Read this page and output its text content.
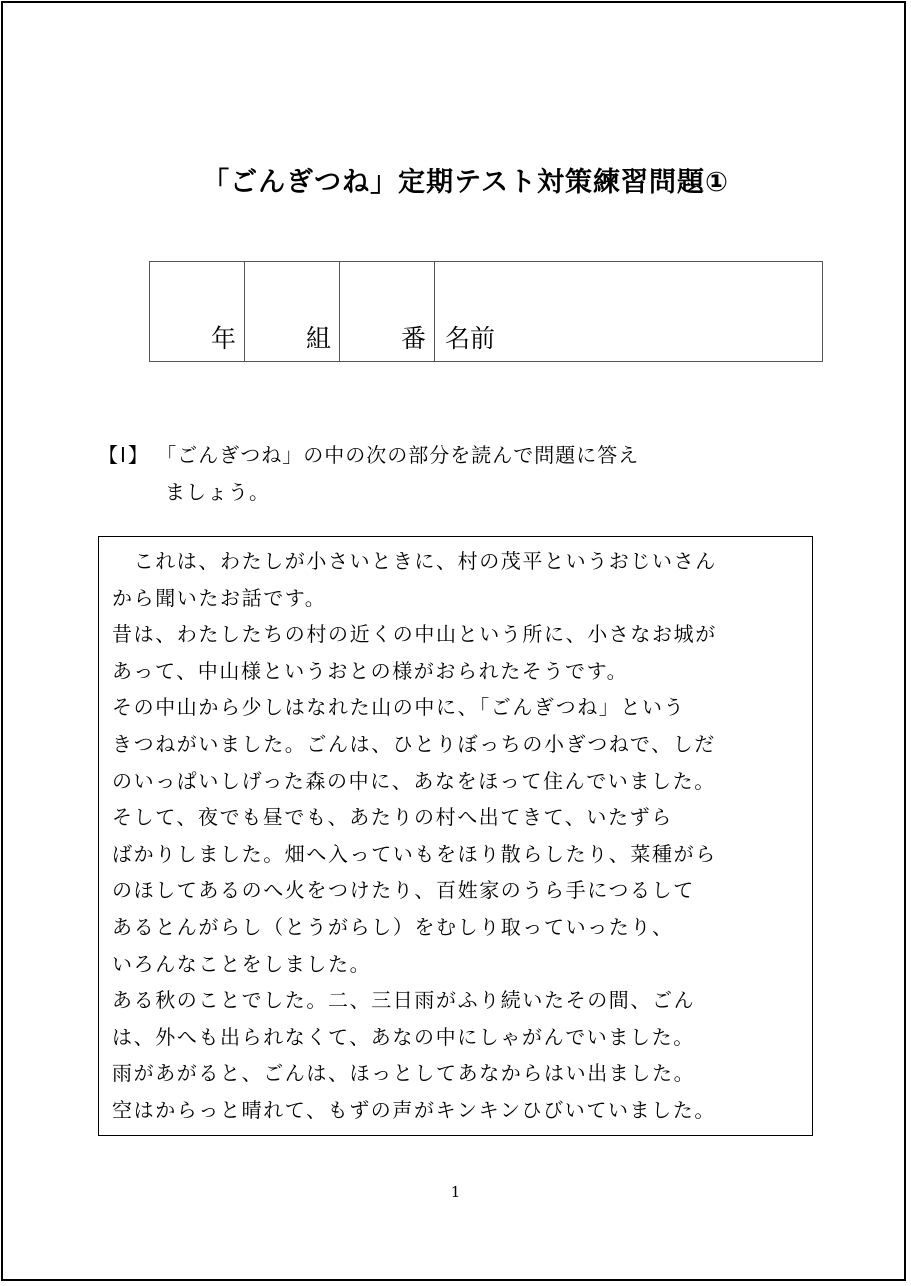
「ごんぎつね」定期テスト対策練習問題①
年	組	番	名前
【Ⅰ】 「ごんぎつね」の中の次の部分を読んで問題に答え
ましょう。
　これは、わたしが小さいときに、村の茂平というおじいさん
から聞いたお話です。
昔は、わたしたちの村の近くの中山という所に、小さなお城が
あって、中山様というおとの様がおられたそうです。
その中山から少しはなれた山の中に、「ごんぎつね」という
きつねがいました。ごんは、ひとりぼっちの小ぎつねで、しだ
のいっぱいしげった森の中に、あなをほって住んでいました。
そして、夜でも昼でも、あたりの村へ出てきて、いたずら
ばかりしました。畑へ入っていもをほり散らしたり、菜種がら
のほしてあるのへ火をつけたり、百姓家のうら手につるして
あるとんがらし（とうがらし）をむしり取っていったり、
いろんなことをしました。
ある秋のことでした。二、三日雨がふり続いたその間、ごん
は、外へも出られなくて、あなの中にしゃがんでいました。
雨があがると、ごんは、ほっとしてあなからはい出ました。
空はからっと晴れて、もずの声がキンキンひびいていました。
1
